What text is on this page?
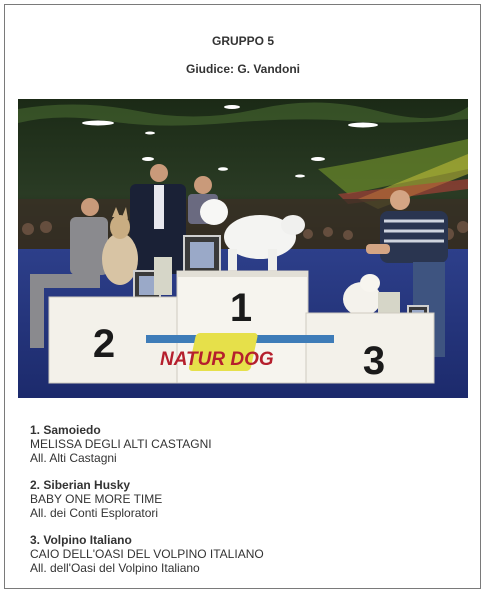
GRUPPO 5
Giudice: G. Vandoni
1
2	3
NATUR DOG
1. Samoiedo
MELISSA DEGLI ALTI CASTAGNI
All. Alti Castagni
2. Siberian Husky
BABY ONE MORE TIME
All. dei Conti Esploratori
3. Volpino Italiano
CAIO DELL'OASI DEL VOLPINO ITALIANO
All. dell'Oasi del Volpino Italiano
